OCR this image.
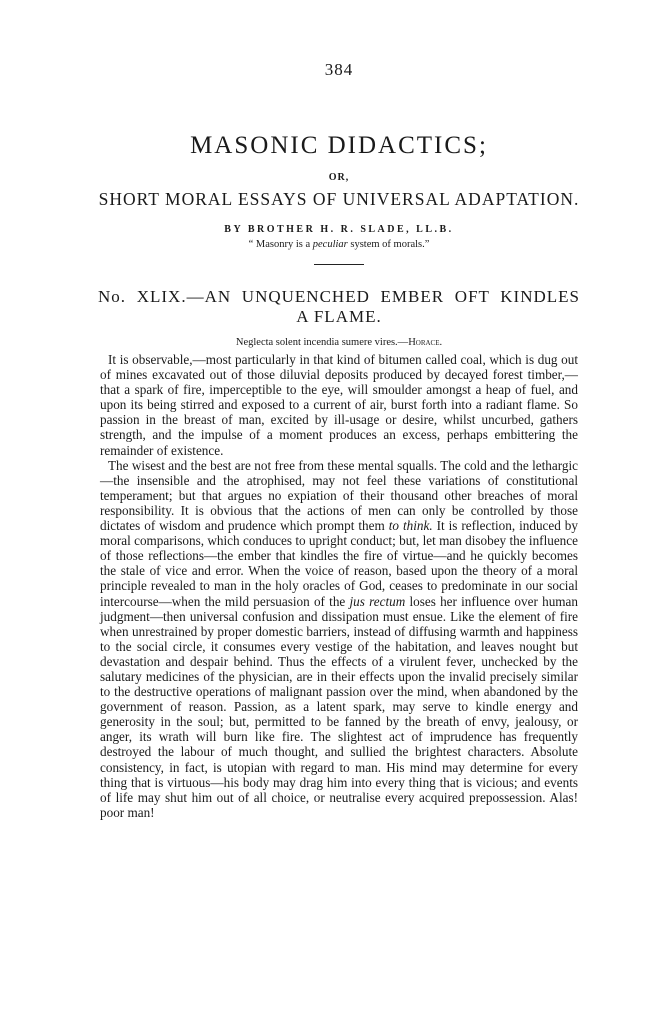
384
MASONIC DIDACTICS;
OR,
SHORT MORAL ESSAYS OF UNIVERSAL ADAPTATION.
BY BROTHER H. R. SLADE, LL.B.
“ Masonry is a peculiar system of morals.”
No. XLIX.—AN UNQUENCHED EMBER OFT KINDLES
A FLAME.
Neglecta solent incendia sumere vires.—Horace.

It is observable,—most particularly in that kind of bitumen called coal, which is dug out of mines excavated out of those diluvial deposits produced by decayed forest timber,—that a spark of fire, imperceptible to the eye, will smoulder amongst a heap of fuel, and upon its being stirred and exposed to a current of air, burst forth into a radiant flame. So passion in the breast of man, excited by ill-usage or desire, whilst uncurbed, gathers strength, and the impulse of a moment produces an excess, perhaps embittering the remainder of existence.

The wisest and the best are not free from these mental squalls. The cold and the lethargic—the insensible and the atrophised, may not feel these variations of constitutional temperament; but that argues no expiation of their thousand other breaches of moral responsibility. It is obvious that the actions of men can only be controlled by those dictates of wisdom and prudence which prompt them to think. It is reflection, induced by moral comparisons, which conduces to upright conduct; but, let man disobey the influence of those reflections—the ember that kindles the fire of virtue—and he quickly becomes the stale of vice and error. When the voice of reason, based upon the theory of a moral principle revealed to man in the holy oracles of God, ceases to predominate in our social intercourse—when the mild persuasion of the jus rectum loses her influence over human judgment—then universal confusion and dissipation must ensue. Like the element of fire when unrestrained by proper domestic barriers, instead of diffusing warmth and happiness to the social circle, it consumes every vestige of the habitation, and leaves nought but devastation and despair behind. Thus the effects of a virulent fever, unchecked by the salutary medicines of the physician, are in their effects upon the invalid precisely similar to the destructive operations of malignant passion over the mind, when abandoned by the government of reason. Passion, as a latent spark, may serve to kindle energy and generosity in the soul; but, permitted to be fanned by the breath of envy, jealousy, or anger, its wrath will burn like fire. The slightest act of imprudence has frequently destroyed the labour of much thought, and sullied the brightest characters. Absolute consistency, in fact, is utopian with regard to man. His mind may determine for every thing that is virtuous—his body may drag him into every thing that is vicious; and events of life may shut him out of all choice, or neutralise every acquired prepossession. Alas! poor man!
